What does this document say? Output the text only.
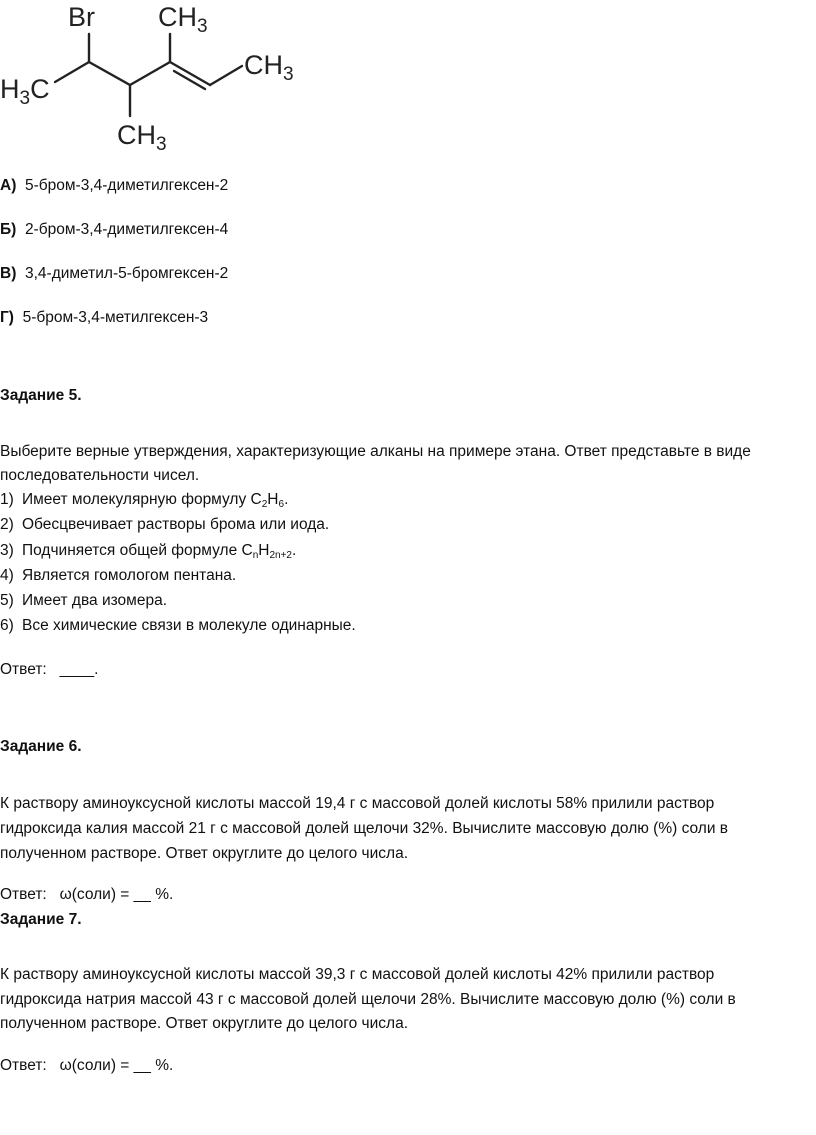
Br $CH_3$
$CH_3$
$H_3C$
$CH_3$

А) 5-бром-3,4-диметилгексен-2

Б) 2-бром-3,4-диметилгексен-4

В) 3,4-диметил-5-бромгексен-2

Г) 5-бром-3,4-метилгексен-3

Задание 5.

Выберите верные утверждения, характеризующие алканы на примере этана. Ответ представьте в виде

последовательности чисел.

1) Имеет молекулярную формулу $C_2H_6$.

2) Обесцвечивает растворы брома или иода.

3) Подчиняется общей формуле $C_nH_{2n+2}$.

4) Является гомологом пентана.

5) Имеет два изомера.

6) Все химические связи в молекуле одинарные.

Ответ:   ____.

Задание 6.

К раствору аминоуксусной кислоты массой 19,4 г с массовой долей кислоты 58% прилили раствор

гидроксида калия массой 21 г с массовой долей щелочи 32%. Вычислите массовую долю (%) соли в

полученном растворе. Ответ округлите до целого числа.

Ответ:   ω(соли) = __ %.

Задание 7.

К раствору аминоуксусной кислоты массой 39,3 г с массовой долей кислоты 42% прилили раствор

гидроксида натрия массой 43 г с массовой долей щелочи 28%. Вычислите массовую долю (%) соли в

полученном растворе. Ответ округлите до целого числа.

Ответ:   ω(соли) = __ %.
